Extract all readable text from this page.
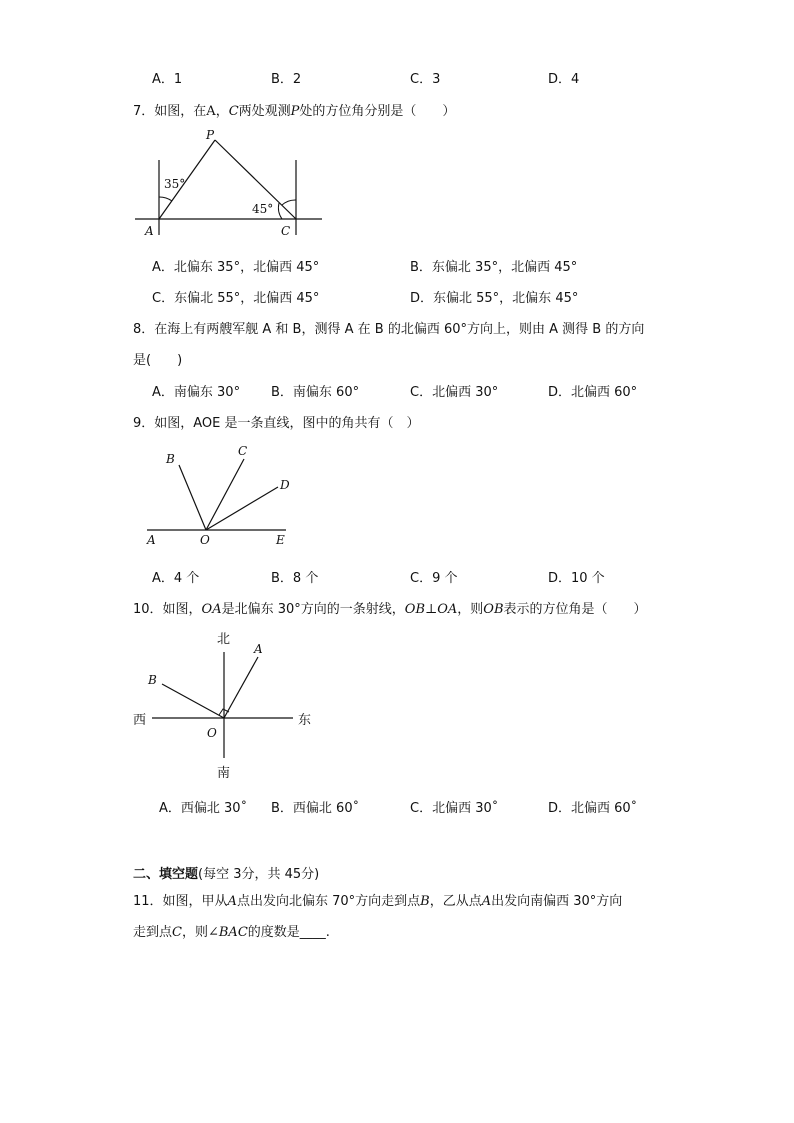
A．1	B．2	C．3	D．4
7．如图，在A，C两处观测P处的方位角分别是（　　）
P
A	C
35°
45°
A．北偏东 35°，北偏西 45°	B．东偏北 35°，北偏西 45°
C．东偏北 55°，北偏西 45°	D．东偏北 55°，北偏东 45°
8．在海上有两艘军舰 A 和 B，测得 A 在 B 的北偏西 60°方向上，则由 A 测得 B 的方向
是(　　)
A．南偏东 30° B．南偏东 60°	C．北偏西 30°	D．北偏西 60°
9．如图，AOE 是一条直线，图中的角共有（　）
A	O	E
B
C
D
A．4 个	B．8 个	C．9 个	D．10 个
10．如图，OA是北偏东 30°方向的一条射线，OB⊥OA，则OB表示的方位角是（　　）
北
南
东
西
A
B
O
A．西偏北 30˚ B．西偏北 60˚	C．北偏西 30˚	D．北偏西 60˚
二、填空题(每空 3分，共 45分)
11．如图，甲从A点出发向北偏东 70°方向走到点B，乙从点A出发向南偏西 30°方向
走到点C，则∠BAC的度数是____.
